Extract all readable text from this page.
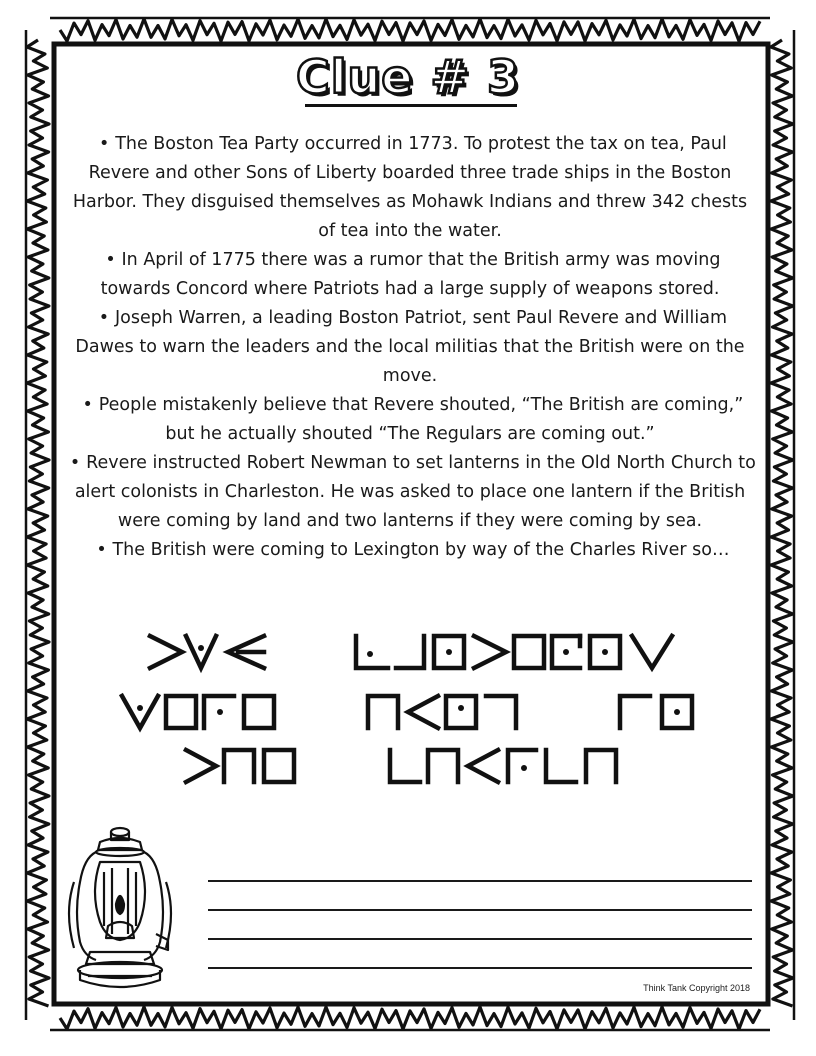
Clue # 3

• The Boston Tea Party occurred in 1773. To protest the tax on tea, Paul Revere and other Sons of Liberty boarded three trade ships in the Boston Harbor. They disguised themselves as Mohawk Indians and threw 342 chests of tea into the water.

• In April of 1775 there was a rumor that the British army was moving towards Concord where Patriots had a large supply of weapons stored.

• Joseph Warren, a leading Boston Patriot, sent Paul Revere and William Dawes to warn the leaders and the local militias that the British were on the move.

• People mistakenly believe that Revere shouted, “The British are coming,” but he actually shouted “The Regulars are coming out.”

• Revere instructed Robert Newman to set lanterns in the Old North Church to alert colonists in Charleston. He was asked to place one lantern if the British were coming by land and two lanterns if they were coming by sea.

• The British were coming to Lexington by way of the Charles River so…

Think Tank Copyright 2018
